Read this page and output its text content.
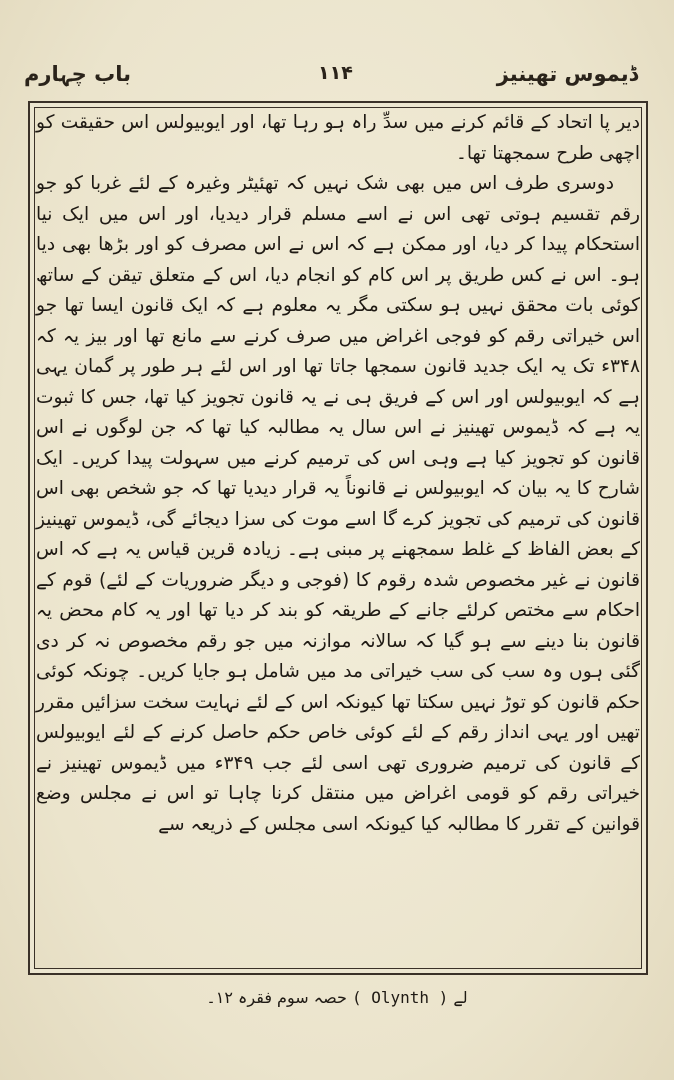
ڈیموس تھینیز
۱۱۴
باب چہارم

دیر پا اتحاد کے قائم کرنے میں سدِّ راہ ہو رہا تھا، اور ایوبیولس اس حقیقت کو اچھی طرح سمجھتا تھا۔

دوسری طرف اس میں بھی شک نہیں کہ تھئیٹر وغیرہ کے لئے غربا کو جو رقم تقسیم ہوتی تھی اس نے اسے مسلم قرار دیدیا، اور اس میں ایک نیا استحکام پیدا کر دیا، اور ممکن ہے کہ اس نے اس مصرف کو اور بڑھا بھی دیا ہو۔ اس نے کس طریق پر اس کام کو انجام دیا، اس کے متعلق تیقن کے ساتھ کوئی بات محقق نہیں ہو سکتی مگر یہ معلوم ہے کہ ایک قانون ایسا تھا جو اس خیراتی رقم کو فوجی اغراض میں صرف کرنے سے مانع تھا اور بیز یہ کہ ۳۴۸ء تک یہ ایک جدید قانون سمجھا جاتا تھا اور اس لئے ہر طور پر گمان یہی ہے کہ ایوبیولس اور اس کے فریق ہی نے یہ قانون تجویز کیا تھا، جس کا ثبوت یہ ہے کہ ڈیموس تھینیز نے اس سال یہ مطالبہ کیا تھا کہ جن لوگوں نے اس قانون کو تجویز کیا ہے وہی اس کی ترمیم کرنے میں سہولت پیدا کریں۔ ایک شارح کا یہ بیان کہ ایوبیولس نے قانوناً یہ قرار دیدیا تھا کہ جو شخص بھی اس قانون کی ترمیم کی تجویز کرے گا اسے موت کی سزا دیجائے گی، ڈیموس تھینیز کے بعض الفاظ کے غلط سمجھنے پر مبنی ہے۔ زیادہ قرین قیاس یہ ہے کہ اس قانون نے غیر مخصوص شدہ رقوم کا (فوجی و دیگر ضروریات کے لئے) قوم کے احکام سے مختص کرلئے جانے کے طریقہ کو بند کر دیا تھا اور یہ کام محض یہ قانون بنا دینے سے ہو گیا کہ سالانہ موازنہ میں جو رقم مخصوص نہ کر دی گئی ہوں وہ سب کی سب خیراتی مد میں شامل ہو جایا کریں۔ چونکہ کوئی حکم قانون کو توڑ نہیں سکتا تھا کیونکہ اس کے لئے نہایت سخت سزائیں مقرر تھیں اور یہی انداز رقم کے لئے کوئی خاص حکم حاصل کرنے کے لئے ایوبیولس کے قانون کی ترمیم ضروری تھی اسی لئے جب ۳۴۹ء میں ڈیموس تھینیز نے خیراتی رقم کو قومی اغراض میں منتقل کرنا چاہا تو اس نے مجلس وضع قوانین کے تقرر کا مطالبہ کیا کیونکہ اسی مجلس کے ذریعہ سے

لے ( Olynth ) حصہ سوم فقرہ ۱۲۔
